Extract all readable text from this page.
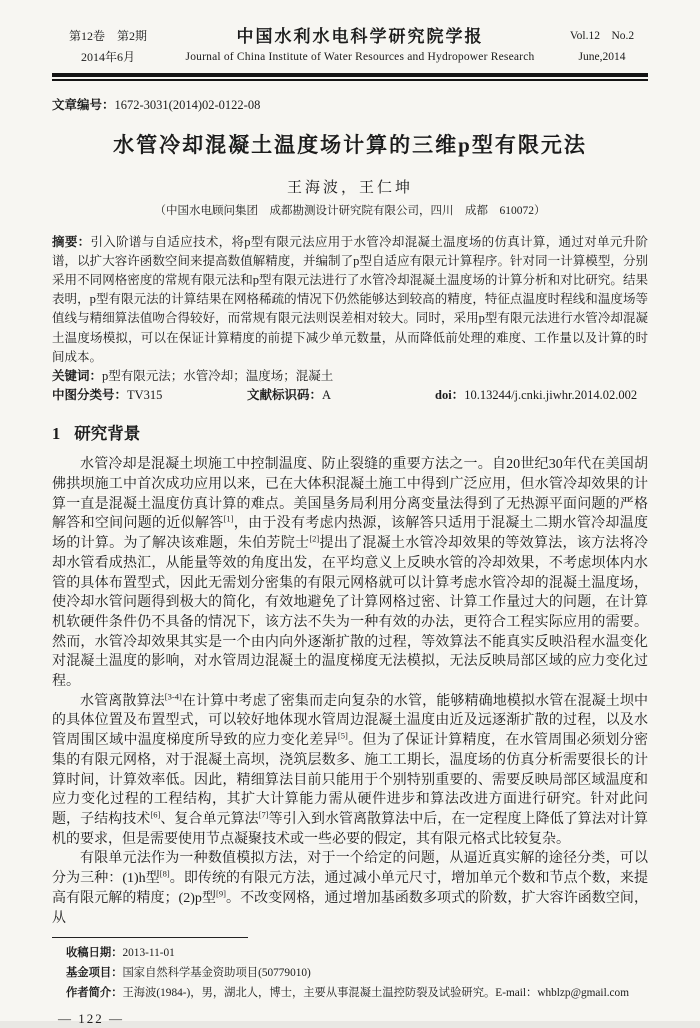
第12卷　第2期
2014年6月
中国水利水电科学研究院学报
Journal of China Institute of Water Resources and Hydropower Research
Vol.12　No.2
June,2014
文章编号：1672-3031(2014)02-0122-08
水管冷却混凝土温度场计算的三维p型有限元法
王海波，王仁坤
（中国水电顾问集团　成都勘测设计研究院有限公司，四川　成都　610072）
摘要：引入阶谱与自适应技术，将p型有限元法应用于水管冷却混凝土温度场的仿真计算，通过对单元升阶谱，以扩大容许函数空间来提高数值解精度，并编制了p型自适应有限元计算程序。针对同一计算模型，分别采用不同网格密度的常规有限元法和p型有限元法进行了水管冷却混凝土温度场的计算分析和对比研究。结果表明，p型有限元法的计算结果在网格稀疏的情况下仍然能够达到较高的精度，特征点温度时程线和温度场等值线与精细算法值吻合得较好，而常规有限元法则误差相对较大。同时，采用p型有限元法进行水管冷却混凝土温度场模拟，可以在保证计算精度的前提下减少单元数量，从而降低前处理的难度、工作量以及计算的时间成本。
关键词：p型有限元法；水管冷却；温度场；混凝土
中图分类号：TV315	文献标识码：A	doi：10.13244/j.cnki.jiwhr.2014.02.002
1 研究背景

水管冷却是混凝土坝施工中控制温度、防止裂缝的重要方法之一。自20世纪30年代在美国胡佛拱坝施工中首次成功应用以来，已在大体积混凝土施工中得到广泛应用，但水管冷却效果的计算一直是混凝土温度仿真计算的难点。美国垦务局利用分离变量法得到了无热源平面问题的严格解答和空间问题的近似解答[1]，由于没有考虑内热源，该解答只适用于混凝土二期水管冷却温度场的计算。为了解决该难题，朱伯芳院士[2]提出了混凝土水管冷却效果的等效算法，该方法将冷却水管看成热汇，从能量等效的角度出发，在平均意义上反映水管的冷却效果，不考虑坝体内水管的具体布置型式，因此无需划分密集的有限元网格就可以计算考虑水管冷却的混凝土温度场，使冷却水管问题得到极大的简化，有效地避免了计算网格过密、计算工作量过大的问题，在计算机软硬件条件仍不具备的情况下，该方法不失为一种有效的办法，更符合工程实际应用的需要。然而，水管冷却效果其实是一个由内向外逐渐扩散的过程，等效算法不能真实反映沿程水温变化对混凝土温度的影响，对水管周边混凝土的温度梯度无法模拟，无法反映局部区域的应力变化过程。

水管离散算法[3-4]在计算中考虑了密集而走向复杂的水管，能够精确地模拟水管在混凝土坝中的具体位置及布置型式，可以较好地体现水管周边混凝土温度由近及远逐渐扩散的过程，以及水管周围区域中温度梯度所导致的应力变化差异[5]。但为了保证计算精度，在水管周围必须划分密集的有限元网格，对于混凝土高坝，浇筑层数多、施工工期长，温度场的仿真分析需要很长的计算时间，计算效率低。因此，精细算法目前只能用于个别特别重要的、需要反映局部区域温度和应力变化过程的工程结构，其扩大计算能力需从硬件进步和算法改进方面进行研究。针对此问题，子结构技术[6]、复合单元算法[7]等引入到水管离散算法中后，在一定程度上降低了算法对计算机的要求，但是需要使用节点凝聚技术或一些必要的假定，其有限元格式比较复杂。

有限单元法作为一种数值模拟方法，对于一个给定的问题，从逼近真实解的途径分类，可以分为三种：(1)h型[8]。即传统的有限元方法，通过减小单元尺寸，增加单元个数和节点个数，来提高有限元解的精度；(2)p型[9]。不改变网格，通过增加基函数多项式的阶数，扩大容许函数空间，从

收稿日期：2013-11-01
基金项目：国家自然科学基金资助项目(50779010)
作者简介：王海波(1984-)，男，湖北人，博士，主要从事混凝土温控防裂及试验研究。E-mail：whblzp@gmail.com
— 122 —
